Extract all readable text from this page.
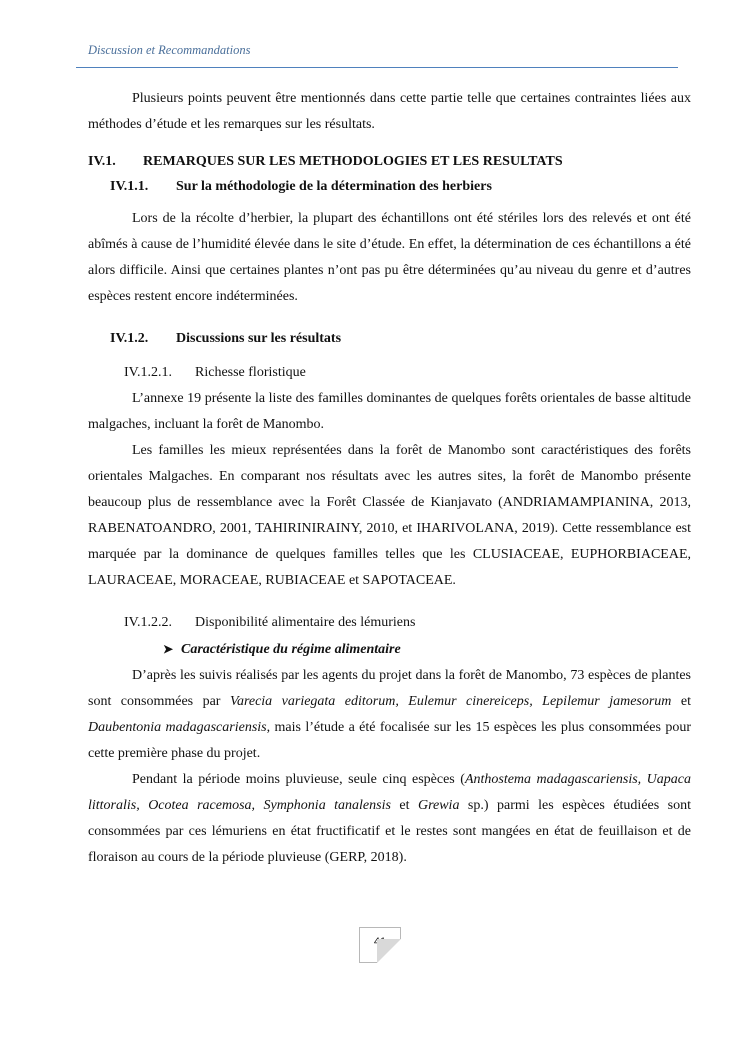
Discussion et Recommandations

Plusieurs points peuvent être mentionnés dans cette partie telle que certaines contraintes liées aux méthodes d’étude et les remarques sur les résultats.

IV.1. REMARQUES SUR LES METHODOLOGIES ET LES RESULTATS
IV.1.1. Sur la méthodologie de la détermination des herbiers

Lors de la récolte d’herbier, la plupart des échantillons ont été stériles lors des relevés et ont été abîmés à cause de l’humidité élevée dans le site d’étude. En effet, la détermination de ces échantillons a été alors difficile. Ainsi que certaines plantes n’ont pas pu être déterminées qu’au niveau du genre et d’autres espèces restent encore indéterminées.

IV.1.2. Discussions sur les résultats
IV.1.2.1. Richesse floristique

L’annexe 19 présente la liste des familles dominantes de quelques forêts orientales de basse altitude malgaches, incluant la forêt de Manombo.

Les familles les mieux représentées dans la forêt de Manombo sont caractéristiques des forêts orientales Malgaches. En comparant nos résultats avec les autres sites, la forêt de Manombo présente beaucoup plus de ressemblance avec la Forêt Classée de Kianjavato (ANDRIAMAMPIANINA, 2013, RABENATOANDRO, 2001, TAHIRINIRAINY, 2010, et IHARIVOLANA, 2019). Cette ressemblance est marquée par la dominance de quelques familles telles que les CLUSIACEAE, EUPHORBIACEAE, LAURACEAE, MORACEAE, RUBIACEAE et SAPOTACEAE.

IV.1.2.2. Disponibilité alimentaire des lémuriens
➤ Caractéristique du régime alimentaire

D’après les suivis réalisés par les agents du projet dans la forêt de Manombo, 73 espèces de plantes sont consommées par Varecia variegata editorum, Eulemur cinereiceps, Lepilemur jamesorum et Daubentonia madagascariensis, mais l’étude a été focalisée sur les 15 espèces les plus consommées pour cette première phase du projet.

Pendant la période moins pluvieuse, seule cinq espèces (Anthostema madagascariensis, Uapaca littoralis, Ocotea racemosa, Symphonia tanalensis et Grewia sp.) parmi les espèces étudiées sont consommées par ces lémuriens en état fructificatif et le restes sont mangées en état de feuillaison et de floraison au cours de la période pluvieuse (GERP, 2018).

41
